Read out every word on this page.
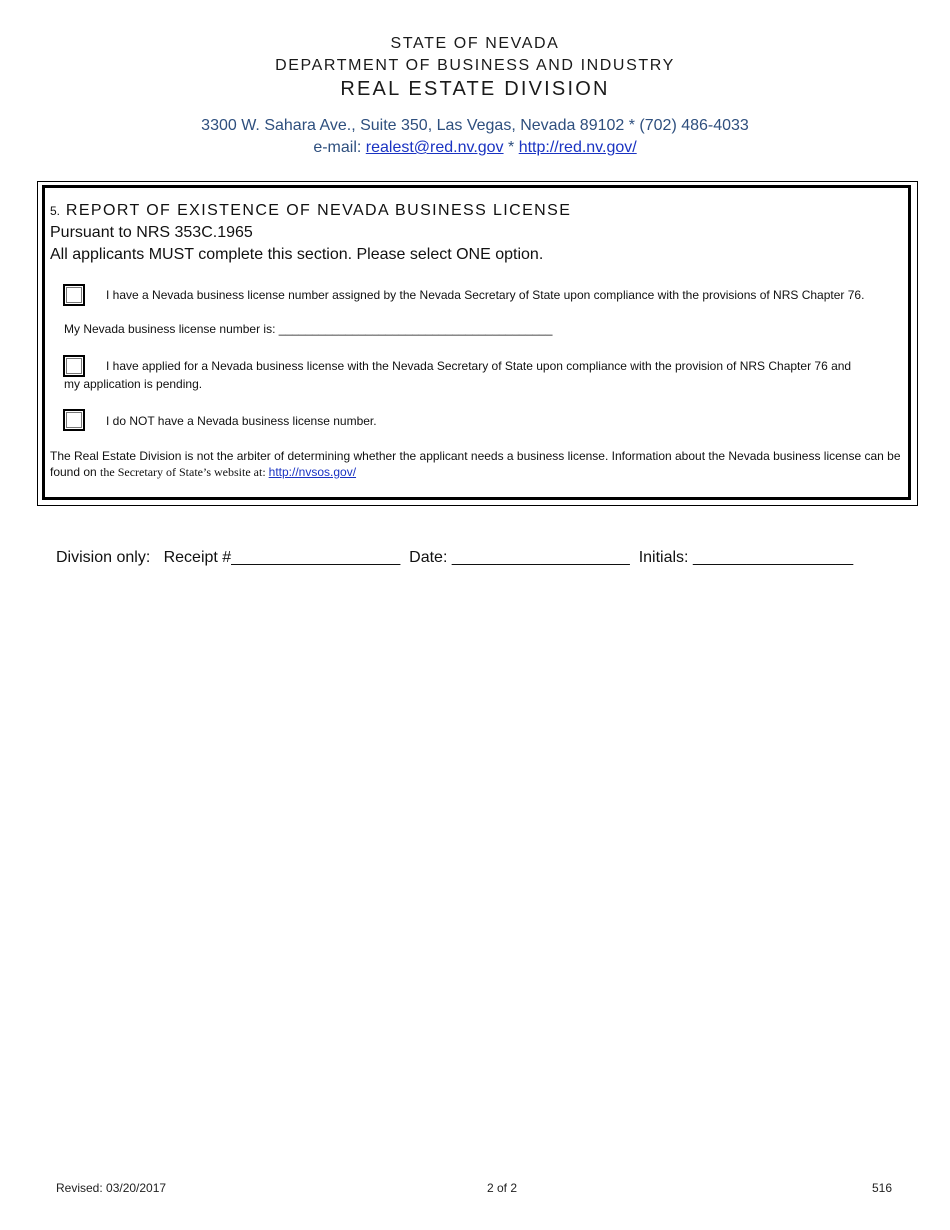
STATE OF NEVADA
DEPARTMENT OF BUSINESS AND INDUSTRY
REAL ESTATE DIVISION
3300 W. Sahara Ave., Suite 350, Las Vegas, Nevada 89102 * (702) 486-4033
e-mail: realest@red.nv.gov * http://red.nv.gov/
5. REPORT OF EXISTENCE OF NEVADA BUSINESS LICENSE
Pursuant to NRS 353C.1965
All applicants MUST complete this section. Please select ONE option.
I have a Nevada business license number assigned by the Nevada Secretary of State upon compliance with the provisions of NRS Chapter 76.
My Nevada business license number is: _________________________________________
I have applied for a Nevada business license with the Nevada Secretary of State upon compliance with the provision of NRS Chapter 76 and
my application is pending.
I do NOT have a Nevada business license number.
The Real Estate Division is not the arbiter of determining whether the applicant needs a business license. Information about the Nevada business license can be found on the Secretary of State’s website at: http://nvsos.gov/
Division only:   Receipt #___________________  Date: ____________________  Initials: __________________
Revised: 03/20/2017	2 of 2	516
